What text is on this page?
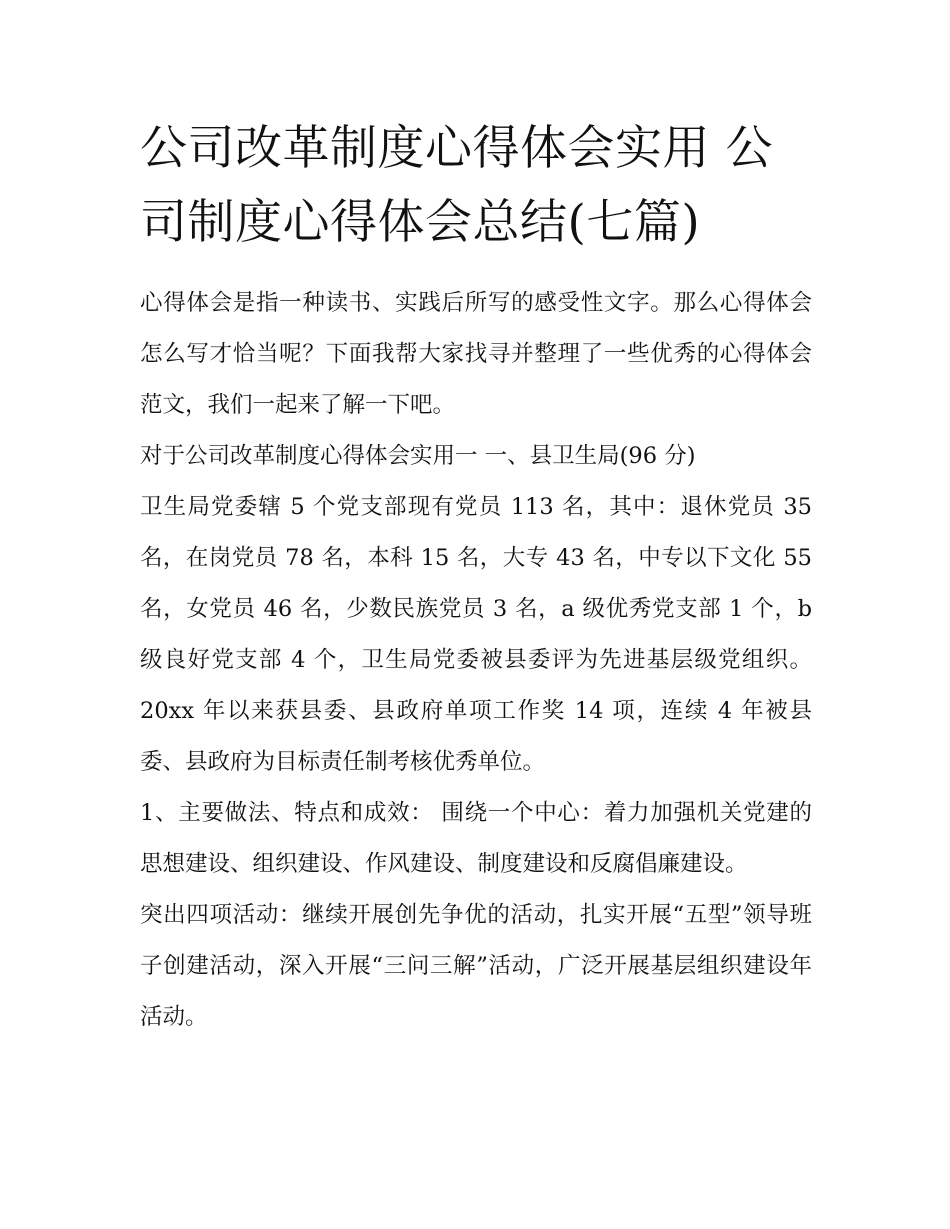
公司改革制度心得体会实用 公司制度心得体会总结(七篇)

心得体会是指一种读书、实践后所写的感受性文字。那么心得体会怎么写才恰当呢？下面我帮大家找寻并整理了一些优秀的心得体会范文，我们一起来了解一下吧。

对于公司改革制度心得体会实用一 一、县卫生局(96 分)

卫生局党委辖 5 个党支部现有党员 113 名，其中：退休党员 35 名，在岗党员 78 名，本科 15 名，大专 43 名，中专以下文化 55 名，女党员 46 名，少数民族党员 3 名，a 级优秀党支部 1 个，b 级良好党支部 4 个，卫生局党委被县委评为先进基层级党组织。20xx 年以来获县委、县政府单项工作奖 14 项，连续 4 年被县委、县政府为目标责任制考核优秀单位。

1、主要做法、特点和成效： 围绕一个中心：着力加强机关党建的思想建设、组织建设、作风建设、制度建设和反腐倡廉建设。

突出四项活动：继续开展创先争优的活动，扎实开展“五型”领导班子创建活动，深入开展“三问三解”活动，广泛开展基层组织建设年活动。
